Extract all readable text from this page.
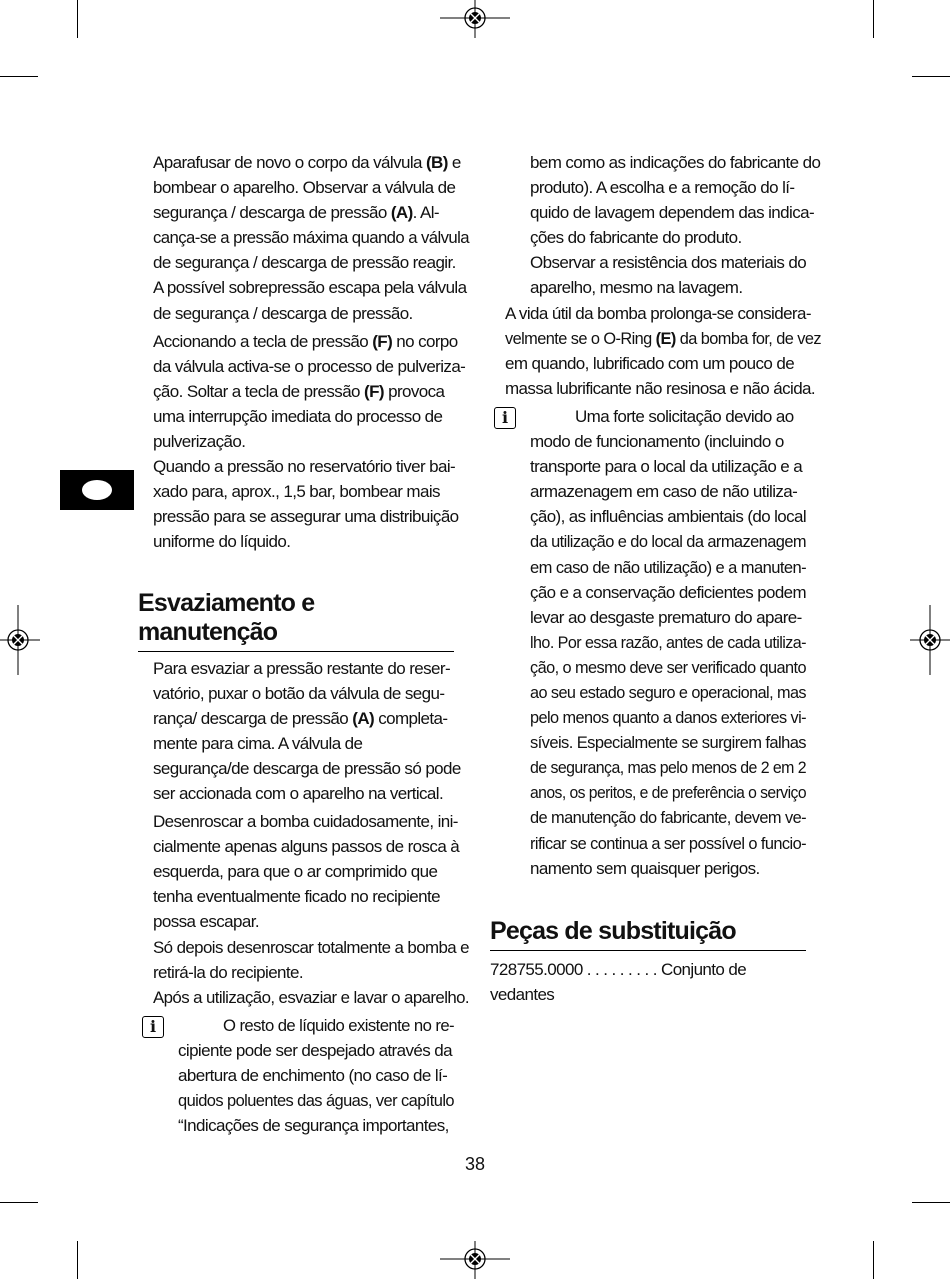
Aparafusar de novo o corpo da válvula (B) e
bombear o aparelho. Observar a válvula de
segurança / descarga de pressão (A). Al-
cança-se a pressão máxima quando a válvula
de segurança / descarga de pressão reagir.
A possível sobrepressão escapa pela válvula
de segurança / descarga de pressão.
Accionando a tecla de pressão (F) no corpo
da válvula activa-se o processo de pulveriza-
ção. Soltar a tecla de pressão (F) provoca
uma interrupção imediata do processo de
pulverização.
Quando a pressão no reservatório tiver bai-
xado para, aprox., 1,5 bar, bombear mais
pressão para se assegurar uma distribuição
uniforme do líquido.
Esvaziamento e manutenção
Para esvaziar a pressão restante do reser-
vatório, puxar o botão da válvula de segu-
rança/ descarga de pressão (A) completa-
mente para cima. A válvula de
segurança/de descarga de pressão só pode
ser accionada com o aparelho na vertical.
Desenroscar a bomba cuidadosamente, ini-
cialmente apenas alguns passos de rosca à
esquerda, para que o ar comprimido que
tenha eventualmente ficado no recipiente
possa escapar.
Só depois desenroscar totalmente a bomba e
retirá-la do recipiente.
Após a utilização, esvaziar e lavar o aparelho.
i	O resto de líquido existente no re-
cipiente pode ser despejado através da
abertura de enchimento (no caso de lí-
quidos poluentes das águas, ver capítulo
“Indicações de segurança importantes,
bem como as indicações do fabricante do
produto). A escolha e a remoção do lí-
quido de lavagem dependem das indica-
ções do fabricante do produto.
Observar a resistência dos materiais do
aparelho, mesmo na lavagem.
A vida útil da bomba prolonga-se considera-
velmente se o O-Ring (E) da bomba for, de vez
em quando, lubrificado com um pouco de
massa lubrificante não resinosa e não ácida.
i	Uma forte solicitação devido ao
modo de funcionamento (incluindo o
transporte para o local da utilização e a
armazenagem em caso de não utiliza-
ção), as influências ambientais (do local
da utilização e do local da armazenagem
em caso de não utilização) e a manuten-
ção e a conservação deficientes podem
levar ao desgaste prematuro do apare-
lho. Por essa razão, antes de cada utiliza-
ção, o mesmo deve ser verificado quanto
ao seu estado seguro e operacional, mas
pelo menos quanto a danos exteriores vi-
síveis. Especialmente se surgirem falhas
de segurança, mas pelo menos de 2 em 2
anos, os peritos, e de preferência o serviço
de manutenção do fabricante, devem ve-
rificar se continua a ser possível o funcio-
namento sem quaisquer perigos.
Peças de substituição
728755.0000 . . . . . . . . . Conjunto de vedantes
38
